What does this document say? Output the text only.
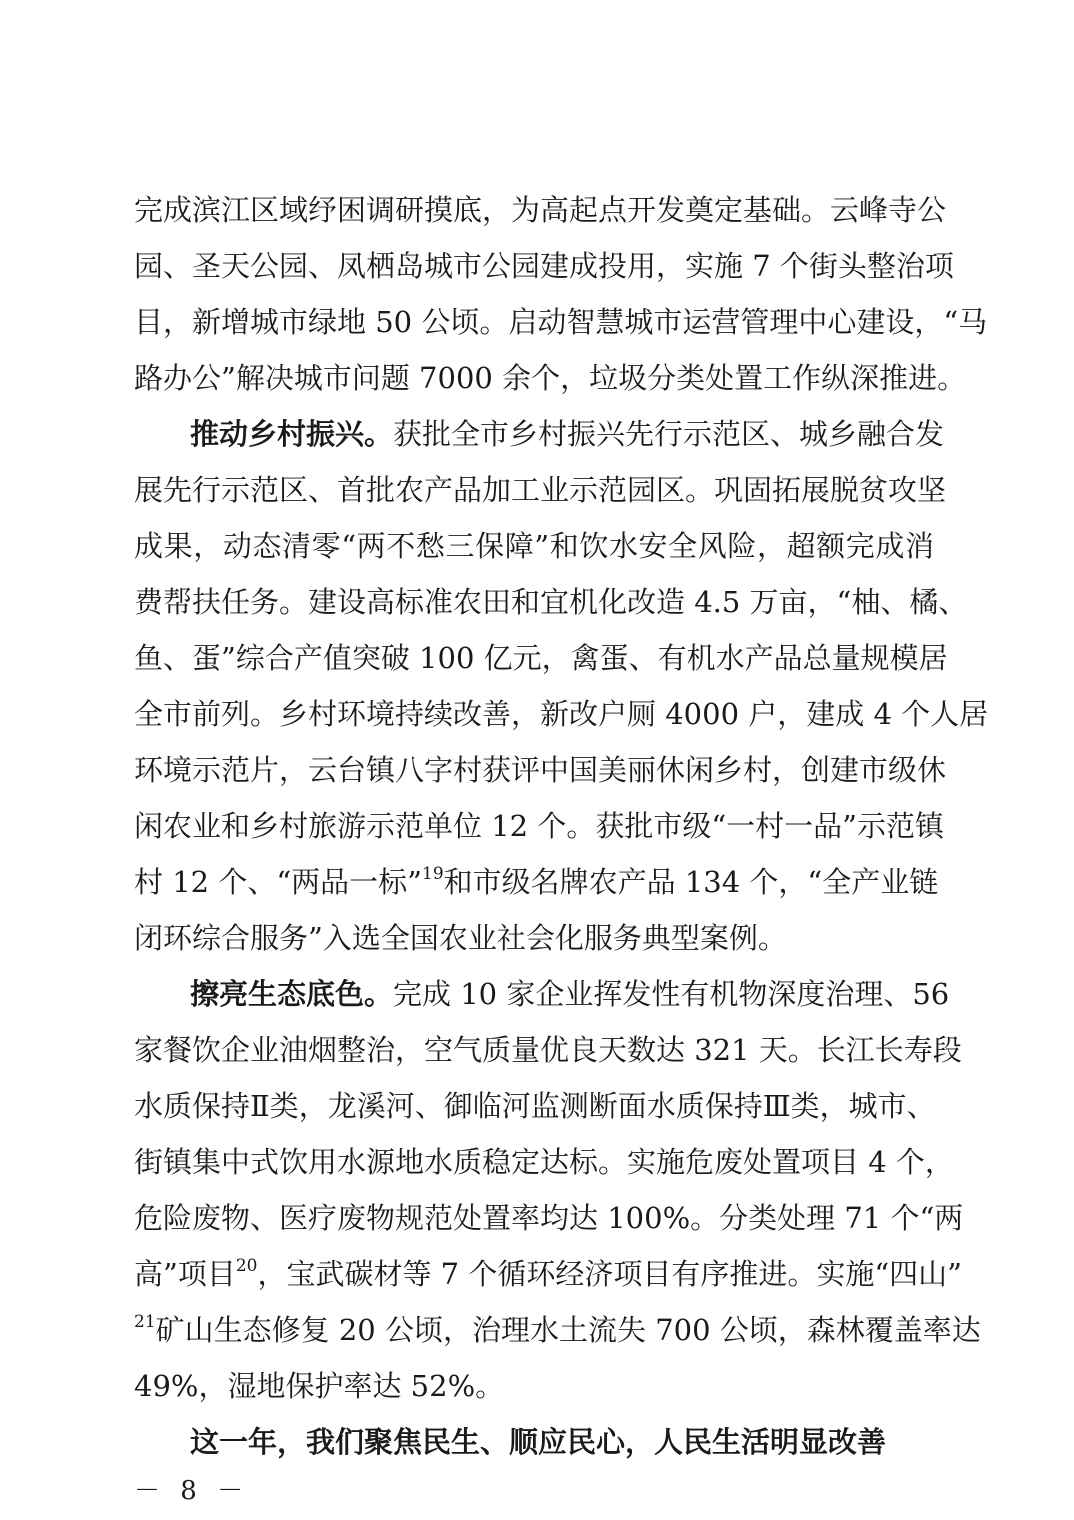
完成滨江区域纾困调研摸底，为高起点开发奠定基础。云峰寺公
园、圣天公园、凤栖岛城市公园建成投用，实施 7 个街头整治项
目，新增城市绿地 50 公顷。启动智慧城市运营管理中心建设，“马
路办公”解决城市问题 7000 余个，垃圾分类处置工作纵深推进。
推动乡村振兴。获批全市乡村振兴先行示范区、城乡融合发
展先行示范区、首批农产品加工业示范园区。巩固拓展脱贫攻坚
成果，动态清零“两不愁三保障”和饮水安全风险，超额完成消
费帮扶任务。建设高标准农田和宜机化改造 4.5 万亩，“柚、橘、
鱼、蛋”综合产值突破 100 亿元，禽蛋、有机水产品总量规模居
全市前列。乡村环境持续改善，新改户厕 4000 户，建成 4 个人居
环境示范片，云台镇八字村获评中国美丽休闲乡村，创建市级休
闲农业和乡村旅游示范单位 12 个。获批市级“一村一品”示范镇
村 12 个、“两品一标”$^{19}$和市级名牌农产品 134 个，“全产业链
闭环综合服务”入选全国农业社会化服务典型案例。
擦亮生态底色。完成 10 家企业挥发性有机物深度治理、56
家餐饮企业油烟整治，空气质量优良天数达 321 天。长江长寿段
水质保持Ⅱ类，龙溪河、御临河监测断面水质保持Ⅲ类，城市、
街镇集中式饮用水源地水质稳定达标。实施危废处置项目 4 个，
危险废物、医疗废物规范处置率均达 100%。分类处理 71 个“两
高”项目$^{20}$，宝武碳材等 7 个循环经济项目有序推进。实施“四山”
$^{21}$矿山生态修复 20 公顷，治理水土流失 700 公顷，森林覆盖率达
49%，湿地保护率达 52%。
这一年，我们聚焦民生、顺应民心，人民生活明显改善
－ 8 －
